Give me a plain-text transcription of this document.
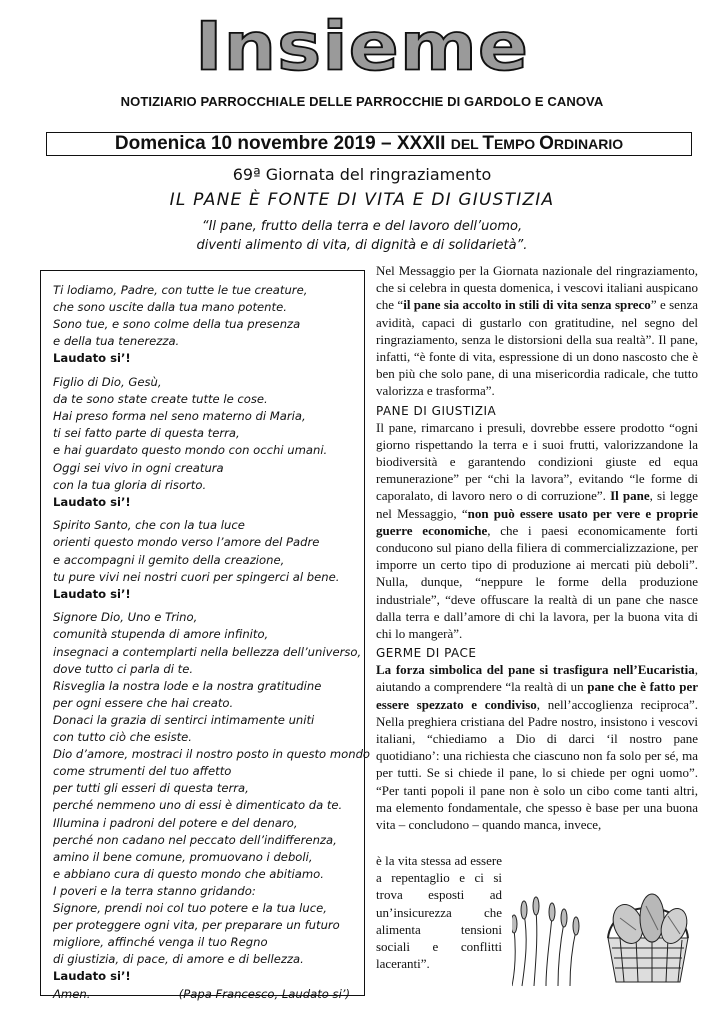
Insieme
NOTIZIARIO PARROCCHIALE DELLE PARROCCHIE DI GARDOLO E CANOVA
Domenica 10 novembre 2019 – XXXII DEL TEMPO ORDINARIO
69ª Giornata del ringraziamento
IL PANE È FONTE DI VITA E DI GIUSTIZIA
“Il pane, frutto della terra e del lavoro dell’uomo,
diventi alimento di vita, di dignità e di solidarietà”.
Ti lodiamo, Padre, con tutte le tue creature,
che sono uscite dalla tua mano potente.
Sono tue, e sono colme della tua presenza
e della tua tenerezza.
Laudato si’!
Figlio di Dio, Gesù,
da te sono state create tutte le cose.
Hai preso forma nel seno materno di Maria,
ti sei fatto parte di questa terra,
e hai guardato questo mondo con occhi umani.
Oggi sei vivo in ogni creatura
con la tua gloria di risorto.
Laudato si’!
Spirito Santo, che con la tua luce
orienti questo mondo verso l’amore del Padre
e accompagni il gemito della creazione,
tu pure vivi nei nostri cuori per spingerci al bene.
Laudato si’!
Signore Dio, Uno e Trino,
comunità stupenda di amore infinito,
insegnaci a contemplarti nella bellezza dell’universo,
dove tutto ci parla di te.
Risveglia la nostra lode e la nostra gratitudine
per ogni essere che hai creato.
Donaci la grazia di sentirci intimamente uniti
con tutto ciò che esiste.
Dio d’amore, mostraci il nostro posto in questo mondo
come strumenti del tuo affetto
per tutti gli esseri di questa terra,
perché nemmeno uno di essi è dimenticato da te.
Illumina i padroni del potere e del denaro,
perché non cadano nel peccato dell’indifferenza,
amino il bene comune, promuovano i deboli,
e abbiano cura di questo mondo che abitiamo.
I poveri e la terra stanno gridando:
Signore, prendi noi col tuo potere e la tua luce,
per proteggere ogni vita, per preparare un futuro
migliore, affinché venga il tuo Regno
di giustizia, di pace, di amore e di bellezza.
Laudato si’!
Amen.	(Papa Francesco, Laudato si’)

Nel Messaggio per la Giornata nazionale del ringraziamento, che si celebra in questa domenica, i vescovi italiani auspicano che “il pane sia accolto in stili di vita senza spreco” e senza avidità, capaci di gustarlo con gratitudine, nel segno del ringraziamento, senza le distorsioni della sua realtà”. Il pane, infatti, “è fonte di vita, espressione di un dono nascosto che è ben più che solo pane, di una misericordia radicale, che tutto valorizza e trasforma”.

PANE DI GIUSTIZIA

Il pane, rimarcano i presuli, dovrebbe essere prodotto “ogni giorno rispettando la terra e i suoi frutti, valorizzandone la biodiversità e garantendo condizioni giuste ed equa remunerazione” per “chi la lavora”, evitando “le forme di caporalato, di lavoro nero o di corruzione”. Il pane, si legge nel Messaggio, “non può essere usato per vere e proprie guerre economiche, che i paesi economicamente forti conducono sul piano della filiera di commercializzazione, per imporre un certo tipo di produzione ai mercati più deboli”. Nulla, dunque, “neppure le forme della produzione industriale”, “deve offuscare la realtà di un pane che nasce dalla terra e dall’amore di chi la lavora, per la buona vita di chi lo mangerà”.

GERME DI PACE

La forza simbolica del pane si trasfigura nell’Eucaristia, aiutando a comprendere “la realtà di un pane che è fatto per essere spezzato e condiviso, nell’accoglienza reciproca”. Nella preghiera cristiana del Padre nostro, insistono i vescovi italiani, “chiediamo a Dio di darci ‘il nostro pane quotidiano’: una richiesta che ciascuno non fa solo per sé, ma per tutti. Se si chiede il pane, lo si chiede per ogni uomo”. “Per tanti popoli il pane non è solo un cibo come tanti altri, ma elemento fondamentale, che spesso è base per una buona vita – concludono – quando manca, invece,

è la vita stessa ad essere a repentaglio e ci si trova esposti ad un’insicurezza che alimenta tensioni sociali e conflitti laceranti”.
